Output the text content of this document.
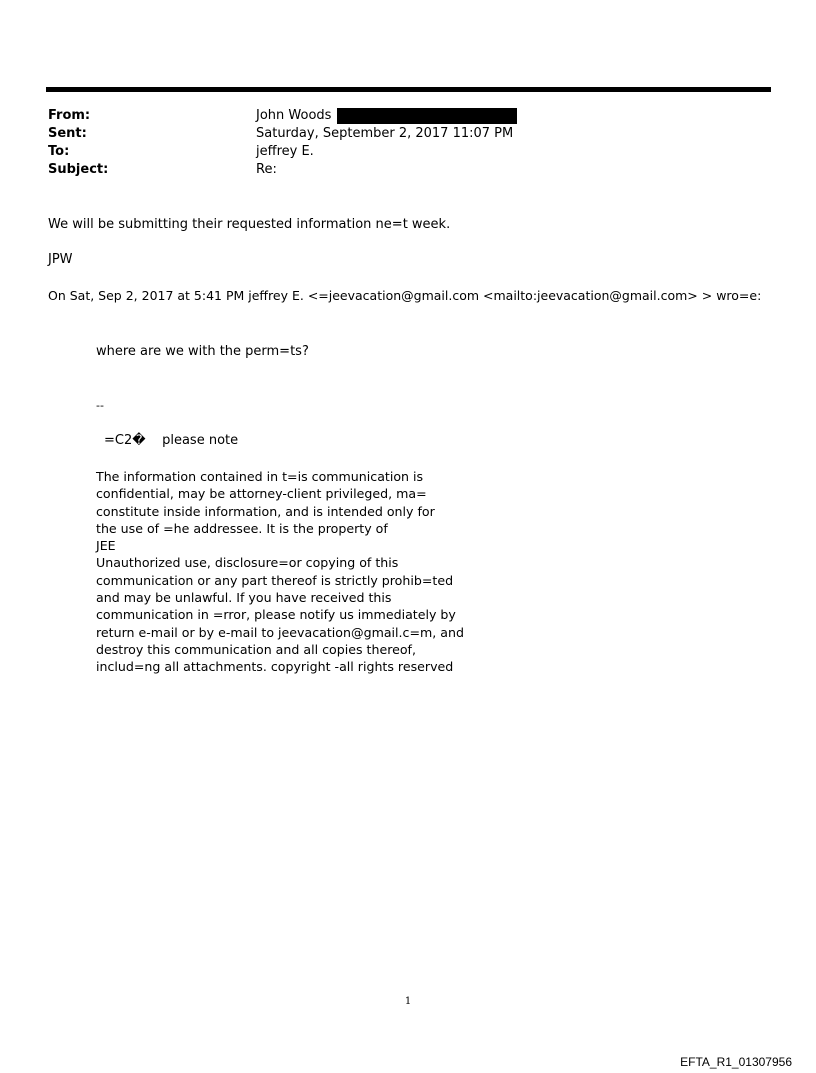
From:	John Woods
Sent:	Saturday, September 2, 2017 11:07 PM
To:	jeffrey E.
Subject:	Re:
We will be submitting their requested information ne=t week.
JPW
On Sat, Sep 2, 2017 at 5:41 PM jeffrey E. <=jeevacation@gmail.com <mailto:jeevacation@gmail.com> > wro=e:
where are we with the perm=ts?
--
=C2�    please note
The information contained in t=is communication is
confidential, may be attorney-client privileged, ma=
constitute inside information, and is intended only for
the use of =he addressee. It is the property of
JEE
Unauthorized use, disclosure=or copying of this
communication or any part thereof is strictly prohib=ted
and may be unlawful. If you have received this
communication in =rror, please notify us immediately by
return e-mail or by e-mail to jeevacation@gmail.c=m, and
destroy this communication and all copies thereof,
includ=ng all attachments. copyright -all rights reserved
1
EFTA_R1_01307956
